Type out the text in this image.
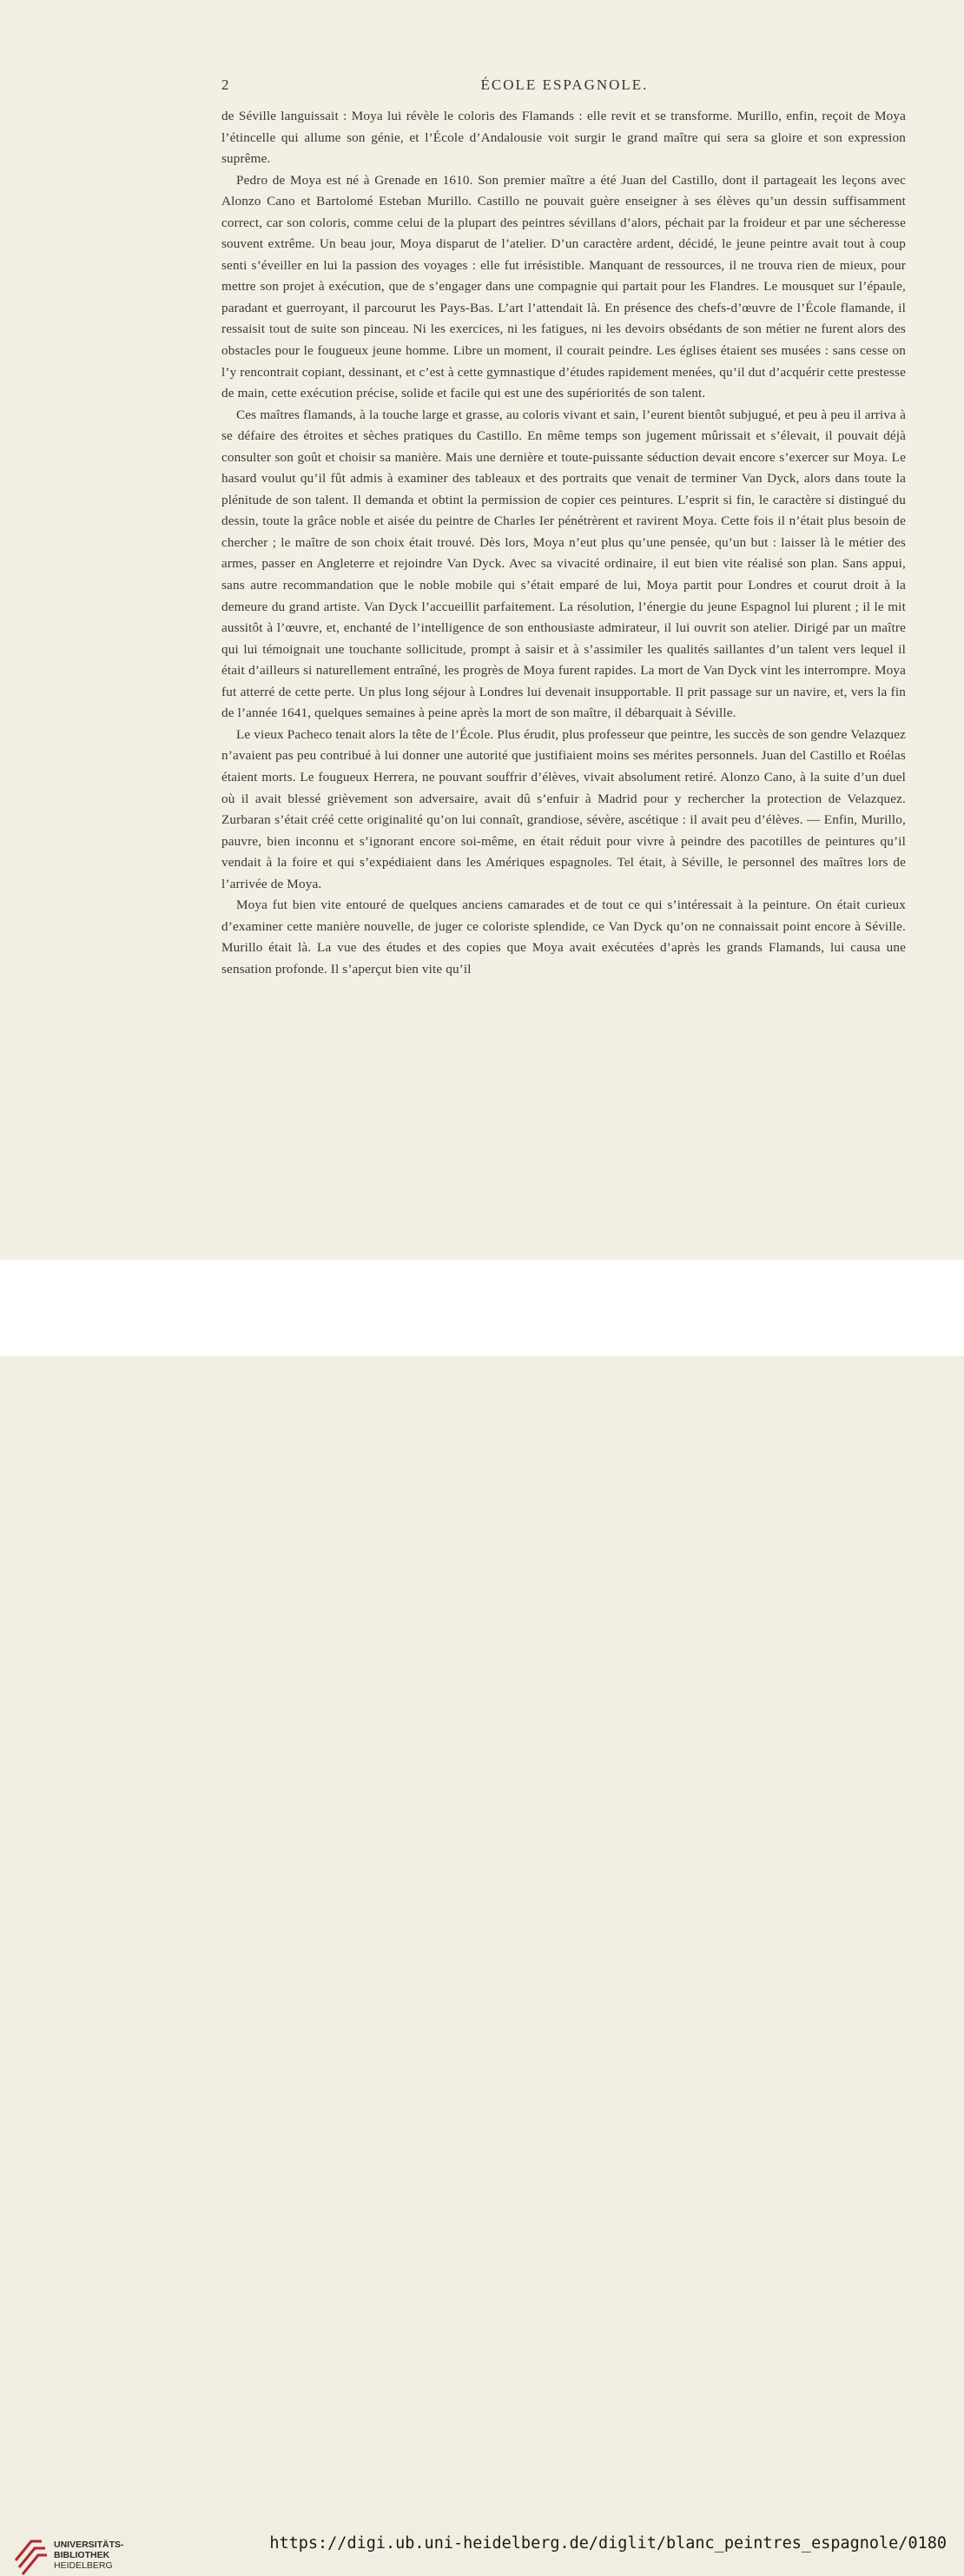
2	ÉCOLE ESPAGNOLE.

de Séville languissait : Moya lui révèle le coloris des Flamands : elle revit et se transforme. Murillo, enfin, reçoit de Moya l’étincelle qui allume son génie, et l’École d’Andalousie voit surgir le grand maître qui sera sa gloire et son expression suprême.

Pedro de Moya est né à Grenade en 1610. Son premier maître a été Juan del Castillo, dont il partageait les leçons avec Alonzo Cano et Bartolomé Esteban Murillo. Castillo ne pouvait guère enseigner à ses élèves qu’un dessin suffisamment correct, car son coloris, comme celui de la plupart des peintres sévillans d’alors, péchait par la froideur et par une sécheresse souvent extrême. Un beau jour, Moya disparut de l’atelier. D’un caractère ardent, décidé, le jeune peintre avait tout à coup senti s’éveiller en lui la passion des voyages : elle fut irrésistible. Manquant de ressources, il ne trouva rien de mieux, pour mettre son projet à exécution, que de s’engager dans une compagnie qui partait pour les Flandres. Le mousquet sur l’épaule, paradant et guerroyant, il parcourut les Pays-Bas. L’art l’attendait là. En présence des chefs-d’œuvre de l’École flamande, il ressaisit tout de suite son pinceau. Ni les exercices, ni les fatigues, ni les devoirs obsédants de son métier ne furent alors des obstacles pour le fougueux jeune homme. Libre un moment, il courait peindre. Les églises étaient ses musées : sans cesse on l’y rencontrait copiant, dessinant, et c’est à cette gymnastique d’études rapidement menées, qu’il dut d’acquérir cette prestesse de main, cette exécution précise, solide et facile qui est une des supériorités de son talent.

Ces maîtres flamands, à la touche large et grasse, au coloris vivant et sain, l’eurent bientôt subjugué, et peu à peu il arriva à se défaire des étroites et sèches pratiques du Castillo. En même temps son jugement mûrissait et s’élevait, il pouvait déjà consulter son goût et choisir sa manière. Mais une dernière et toute-puissante séduction devait encore s’exercer sur Moya. Le hasard voulut qu’il fût admis à examiner des tableaux et des portraits que venait de terminer Van Dyck, alors dans toute la plénitude de son talent. Il demanda et obtint la permission de copier ces peintures. L’esprit si fin, le caractère si distingué du dessin, toute la grâce noble et aisée du peintre de Charles Ier pénétrèrent et ravirent Moya. Cette fois il n’était plus besoin de chercher ; le maître de son choix était trouvé. Dès lors, Moya n’eut plus qu’une pensée, qu’un but : laisser là le métier des armes, passer en Angleterre et rejoindre Van Dyck. Avec sa vivacité ordinaire, il eut bien vite réalisé son plan. Sans appui, sans autre recommandation que le noble mobile qui s’était emparé de lui, Moya partit pour Londres et courut droit à la demeure du grand artiste. Van Dyck l’accueillit parfaitement. La résolution, l’énergie du jeune Espagnol lui plurent ; il le mit aussitôt à l’œuvre, et, enchanté de l’intelligence de son enthousiaste admirateur, il lui ouvrit son atelier. Dirigé par un maître qui lui témoignait une touchante sollicitude, prompt à saisir et à s’assimiler les qualités saillantes d’un talent vers lequel il était d’ailleurs si naturellement entraîné, les progrès de Moya furent rapides. La mort de Van Dyck vint les interrompre. Moya fut atterré de cette perte. Un plus long séjour à Londres lui devenait insupportable. Il prit passage sur un navire, et, vers la fin de l’année 1641, quelques semaines à peine après la mort de son maître, il débarquait à Séville.

Le vieux Pacheco tenait alors la tête de l’École. Plus érudit, plus professeur que peintre, les succès de son gendre Velazquez n’avaient pas peu contribué à lui donner une autorité que justifiaient moins ses mérites personnels. Juan del Castillo et Roélas étaient morts. Le fougueux Herrera, ne pouvant souffrir d’élèves, vivait absolument retiré. Alonzo Cano, à la suite d’un duel où il avait blessé grièvement son adversaire, avait dû s’enfuir à Madrid pour y rechercher la protection de Velazquez. Zurbaran s’était créé cette originalité qu’on lui connaît, grandiose, sévère, ascétique : il avait peu d’élèves. — Enfin, Murillo, pauvre, bien inconnu et s’ignorant encore soi-même, en était réduit pour vivre à peindre des pacotilles de peintures qu’il vendait à la foire et qui s’expédiaient dans les Amériques espagnoles. Tel était, à Séville, le personnel des maîtres lors de l’arrivée de Moya.

Moya fut bien vite entouré de quelques anciens camarades et de tout ce qui s’intéressait à la peinture. On était curieux d’examiner cette manière nouvelle, de juger ce coloriste splendide, ce Van Dyck qu’on ne connaissait point encore à Séville. Murillo était là. La vue des études et des copies que Moya avait exécutées d’après les grands Flamands, lui causa une sensation profonde. Il s’aperçut bien vite qu’il

UNIVERSITÄTS-
BIBLIOTHEK
HEIDELBERG
https://digi.ub.uni-heidelberg.de/diglit/blanc_peintres_espagnole/0180
